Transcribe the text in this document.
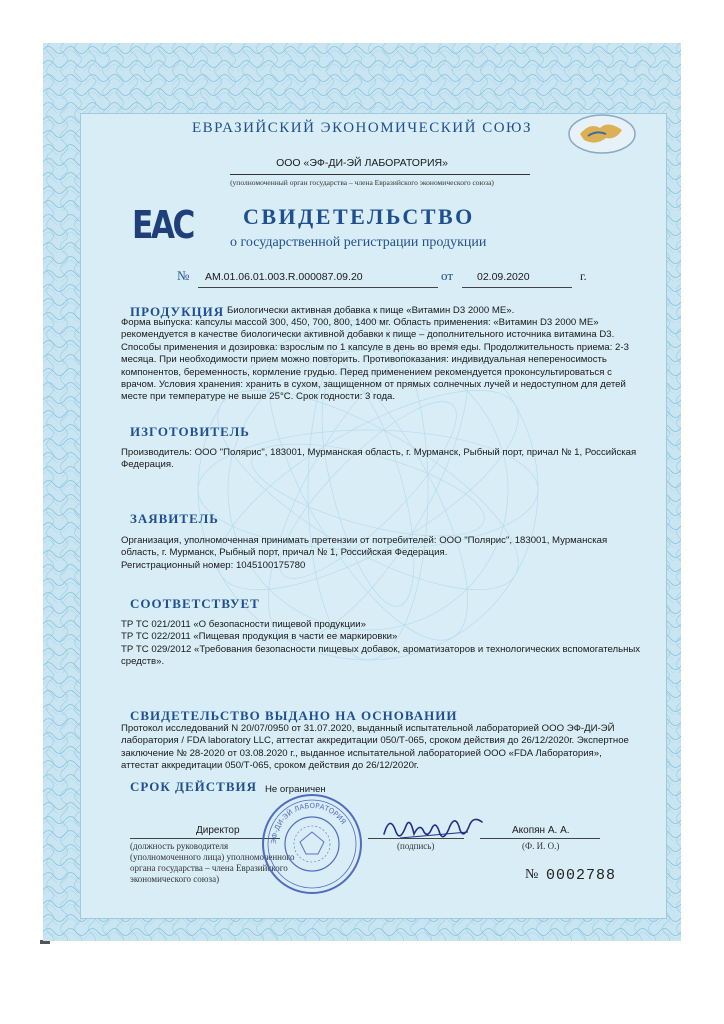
ЕВРАЗИЙСКИЙ ЭКОНОМИЧЕСКИЙ СОЮЗ
ООО «ЭФ-ДИ-ЭЙ ЛАБОРАТОРИЯ»
(уполномоченный орган государства – члена Евразийского экономического союза)
ЕАС СВИДЕТЕЛЬСТВО
о государственной регистрации продукции
№ AM.01.06.01.003.R.000087.09.20	от 02.09.2020	г.
ПРОДУКЦИЯ Биологически активная добавка к пище «Витамин D3 2000 МЕ».
Форма выпуска: капсулы массой 300, 450, 700, 800, 1400 мг. Область применения: «Витамин D3 2000 МЕ»
рекомендуется в качестве биологически активной добавки к пище – дополнительного источника витамина D3.
Способы применения и дозировка: взрослым по 1 капсуле в день во время еды. Продолжительность приема: 2-3
месяца. При необходимости прием можно повторить. Противопоказания: индивидуальная непереносимость
компонентов, беременность, кормление грудью. Перед применением рекомендуется проконсультироваться с
врачом. Условия хранения: хранить в сухом, защищенном от прямых солнечных лучей и недоступном для детей
месте при температуре не выше 25°С. Срок годности: 3 года.
ИЗГОТОВИТЕЛЬ
Производитель: ООО "Полярис", 183001, Мурманская область, г. Мурманск, Рыбный порт, причал № 1, Российская
Федерация.
ЗАЯВИТЕЛЬ
Организация, уполномоченная принимать претензии от потребителей: ООО "Полярис", 183001, Мурманская
область, г. Мурманск, Рыбный порт, причал № 1, Российская Федерация.
Регистрационный номер: 1045100175780
СООТВЕТСТВУЕТ
ТР ТС 021/2011 «О безопасности пищевой продукции»
ТР ТС 022/2011 «Пищевая продукция в части ее маркировки»
ТР ТС 029/2012 «Требования безопасности пищевых добавок, ароматизаторов и технологических вспомогательных
средств».
СВИДЕТЕЛЬСТВО ВЫДАНО НА ОСНОВАНИИ
Протокол исследований N 20/07/0950 от 31.07.2020, выданный испытательной лабораторией ООО ЭФ-ДИ-ЭЙ
лаборатория / FDA laboratory LLC, аттестат аккредитации 050/Т-065, сроком действия до 26/12/2020г. Экспертное
заключение № 28-2020 от 03.08.2020 г., выданное испытательной лабораторией ООО «FDA Лаборатория»,
аттестат аккредитации 050/Т-065, сроком действия до 26/12/2020г.
СРОК ДЕЙСТВИЯ Не ограничен
Директор
(должность руководителя
(уполномоченного лица) уполномоченного
органа государства – члена Евразийского
экономического союза)
ЭФ-ДИ-ЭЙ ЛАБОРАТОРИЯ
(подпись)
Акопян А. А.
(Ф. И. О.)
№ 0002788
